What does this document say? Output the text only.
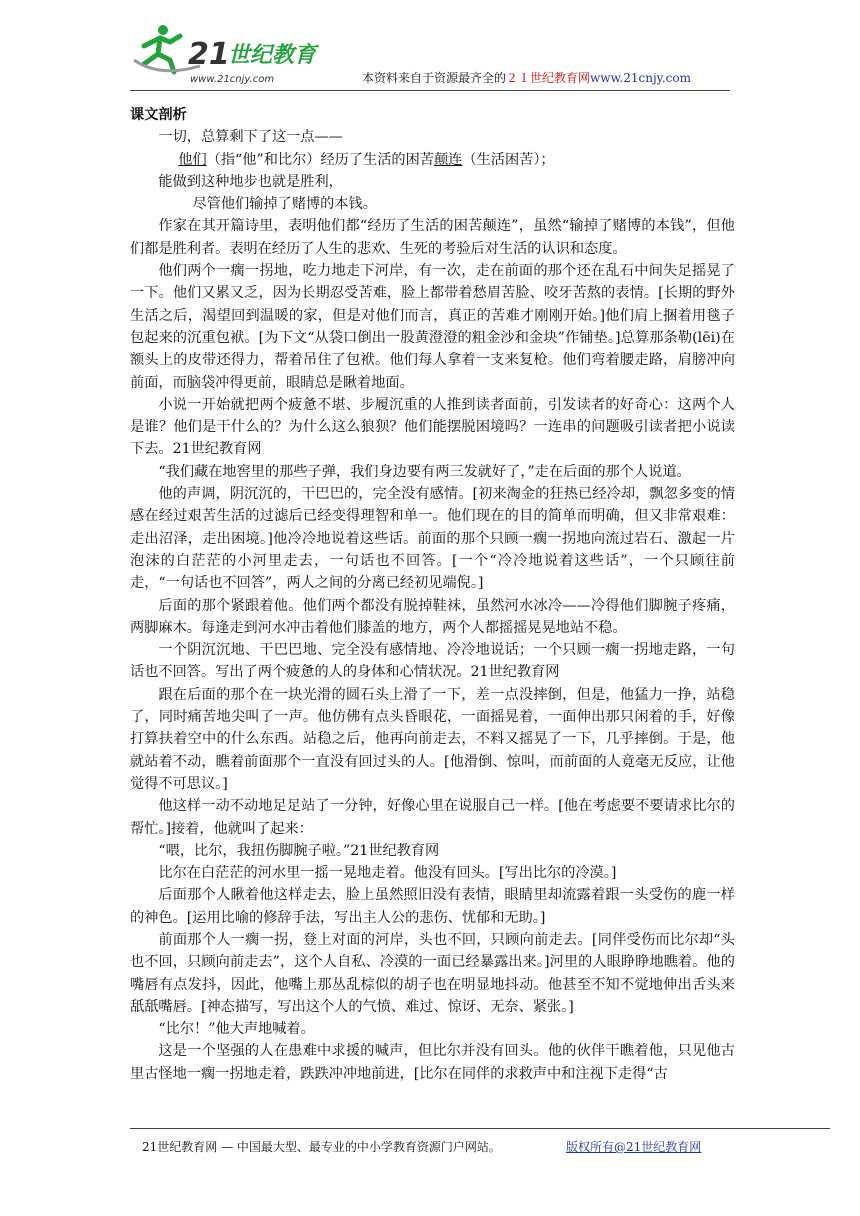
21
世纪教育
www.21cnjy.com	本资料来自于资源最齐全的２１世纪教育网www.21cnjy.com

课文剖析

一切，总算剩下了这一点——

他们（指“他”和比尔）经历了生活的困苦颠连（生活困苦）；

能做到这种地步也就是胜利，

尽管他们输掉了赌博的本钱。

作家在其开篇诗里，表明他们都“经历了生活的困苦颠连”，虽然“输掉了赌博的本钱”，但他们都是胜利者。表明在经历了人生的悲欢、生死的考验后对生活的认识和态度。

他们两个一瘸一拐地，吃力地走下河岸，有一次，走在前面的那个还在乱石中间失足摇晃了一下。他们又累又乏，因为长期忍受苦难，脸上都带着愁眉苦脸、咬牙苦熬的表情。[长期的野外生活之后，渴望回到温暖的家，但是对他们而言，真正的苦难才刚刚开始。]他们肩上捆着用毯子包起来的沉重包袱。[为下文“从袋口倒出一股黄澄澄的粗金沙和金块”作铺垫。]总算那条勒(lēi)在额头上的皮带还得力，帮着吊住了包袱。他们每人拿着一支来复枪。他们弯着腰走路，肩膀冲向前面，而脑袋冲得更前，眼睛总是瞅着地面。

小说一开始就把两个疲惫不堪、步履沉重的人推到读者面前，引发读者的好奇心：这两个人是谁？他们是干什么的？为什么这么狼狈？他们能摆脱困境吗？一连串的问题吸引读者把小说读下去。21世纪教育网

“我们藏在地窖里的那些子弹，我们身边要有两三发就好了，”走在后面的那个人说道。

他的声调，阴沉沉的，干巴巴的，完全没有感情。[初来淘金的狂热已经冷却，飘忽多变的情感在经过艰苦生活的过滤后已经变得理智和单一。他们现在的目的简单而明确，但又非常艰难：走出沼泽，走出困境。]他冷冷地说着这些话。前面的那个只顾一瘸一拐地向流过岩石、激起一片泡沫的白茫茫的小河里走去，一句话也不回答。[一个“冷冷地说着这些话”，一个只顾往前走，“一句话也不回答”，两人之间的分离已经初见端倪。]

后面的那个紧跟着他。他们两个都没有脱掉鞋袜，虽然河水冰冷——冷得他们脚腕子疼痛，两脚麻木。每逢走到河水冲击着他们膝盖的地方，两个人都摇摇晃晃地站不稳。

一个阴沉沉地、干巴巴地、完全没有感情地、冷冷地说话；一个只顾一瘸一拐地走路，一句话也不回答。写出了两个疲惫的人的身体和心情状况。21世纪教育网

跟在后面的那个在一块光滑的圆石头上滑了一下，差一点没摔倒，但是，他猛力一挣，站稳了，同时痛苦地尖叫了一声。他仿佛有点头昏眼花，一面摇晃着，一面伸出那只闲着的手，好像打算扶着空中的什么东西。站稳之后，他再向前走去，不料又摇晃了一下，几乎摔倒。于是，他就站着不动，瞧着前面那个一直没有回过头的人。[他滑倒、惊叫，而前面的人竟毫无反应，让他觉得不可思议。]

他这样一动不动地足足站了一分钟，好像心里在说服自己一样。[他在考虑要不要请求比尔的帮忙。]接着，他就叫了起来：

“喂，比尔，我扭伤脚腕子啦。”21世纪教育网

比尔在白茫茫的河水里一摇一晃地走着。他没有回头。[写出比尔的冷漠。]

后面那个人瞅着他这样走去，脸上虽然照旧没有表情，眼睛里却流露着跟一头受伤的鹿一样的神色。[运用比喻的修辞手法，写出主人公的悲伤、忧郁和无助。]

前面那个人一瘸一拐，登上对面的河岸，头也不回，只顾向前走去。[同伴受伤而比尔却“头也不回，只顾向前走去”，这个人自私、冷漠的一面已经暴露出来。]河里的人眼睁睁地瞧着。他的嘴唇有点发抖，因此，他嘴上那丛乱棕似的胡子也在明显地抖动。他甚至不知不觉地伸出舌头来舐舐嘴唇。[神态描写，写出这个人的气愤、难过、惊讶、无奈、紧张。]

“比尔！”他大声地喊着。

这是一个坚强的人在患难中求援的喊声，但比尔并没有回头。他的伙伴干瞧着他，只见他古里古怪地一瘸一拐地走着，跌跌冲冲地前进，[比尔在同伴的求救声中和注视下走得“古

21世纪教育网 — 中国最大型、最专业的中小学教育资源门户网站。	版权所有@21世纪教育网
